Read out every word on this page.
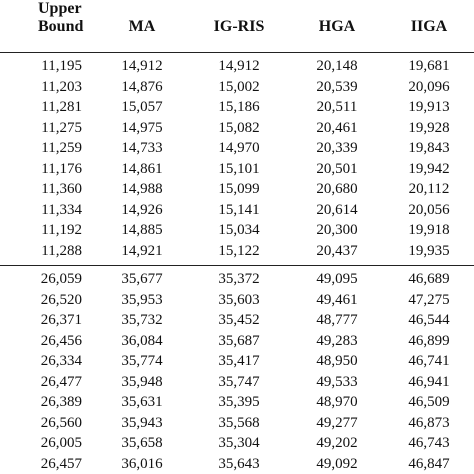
Upper
Bound	MA	IG-RIS	HGA	IIGA

11,195	14,912	14,912	20,148	19,681
11,203	14,876	15,002	20,539	20,096
11,281	15,057	15,186	20,511	19,913
11,275	14,975	15,082	20,461	19,928
11,259	14,733	14,970	20,339	19,843
11,176	14,861	15,101	20,501	19,942
11,360	14,988	15,099	20,680	20,112
11,334	14,926	15,141	20,614	20,056
11,192	14,885	15,034	20,300	19,918
11,288	14,921	15,122	20,437	19,935

26,059	35,677	35,372	49,095	46,689
26,520	35,953	35,603	49,461	47,275
26,371	35,732	35,452	48,777	46,544
26,456	36,084	35,687	49,283	46,899
26,334	35,774	35,417	48,950	46,741
26,477	35,948	35,747	49,533	46,941
26,389	35,631	35,395	48,970	46,509
26,560	35,943	35,568	49,277	46,873
26,005	35,658	35,304	49,202	46,743
26,457	36,016	35,643	49,092	46,847
